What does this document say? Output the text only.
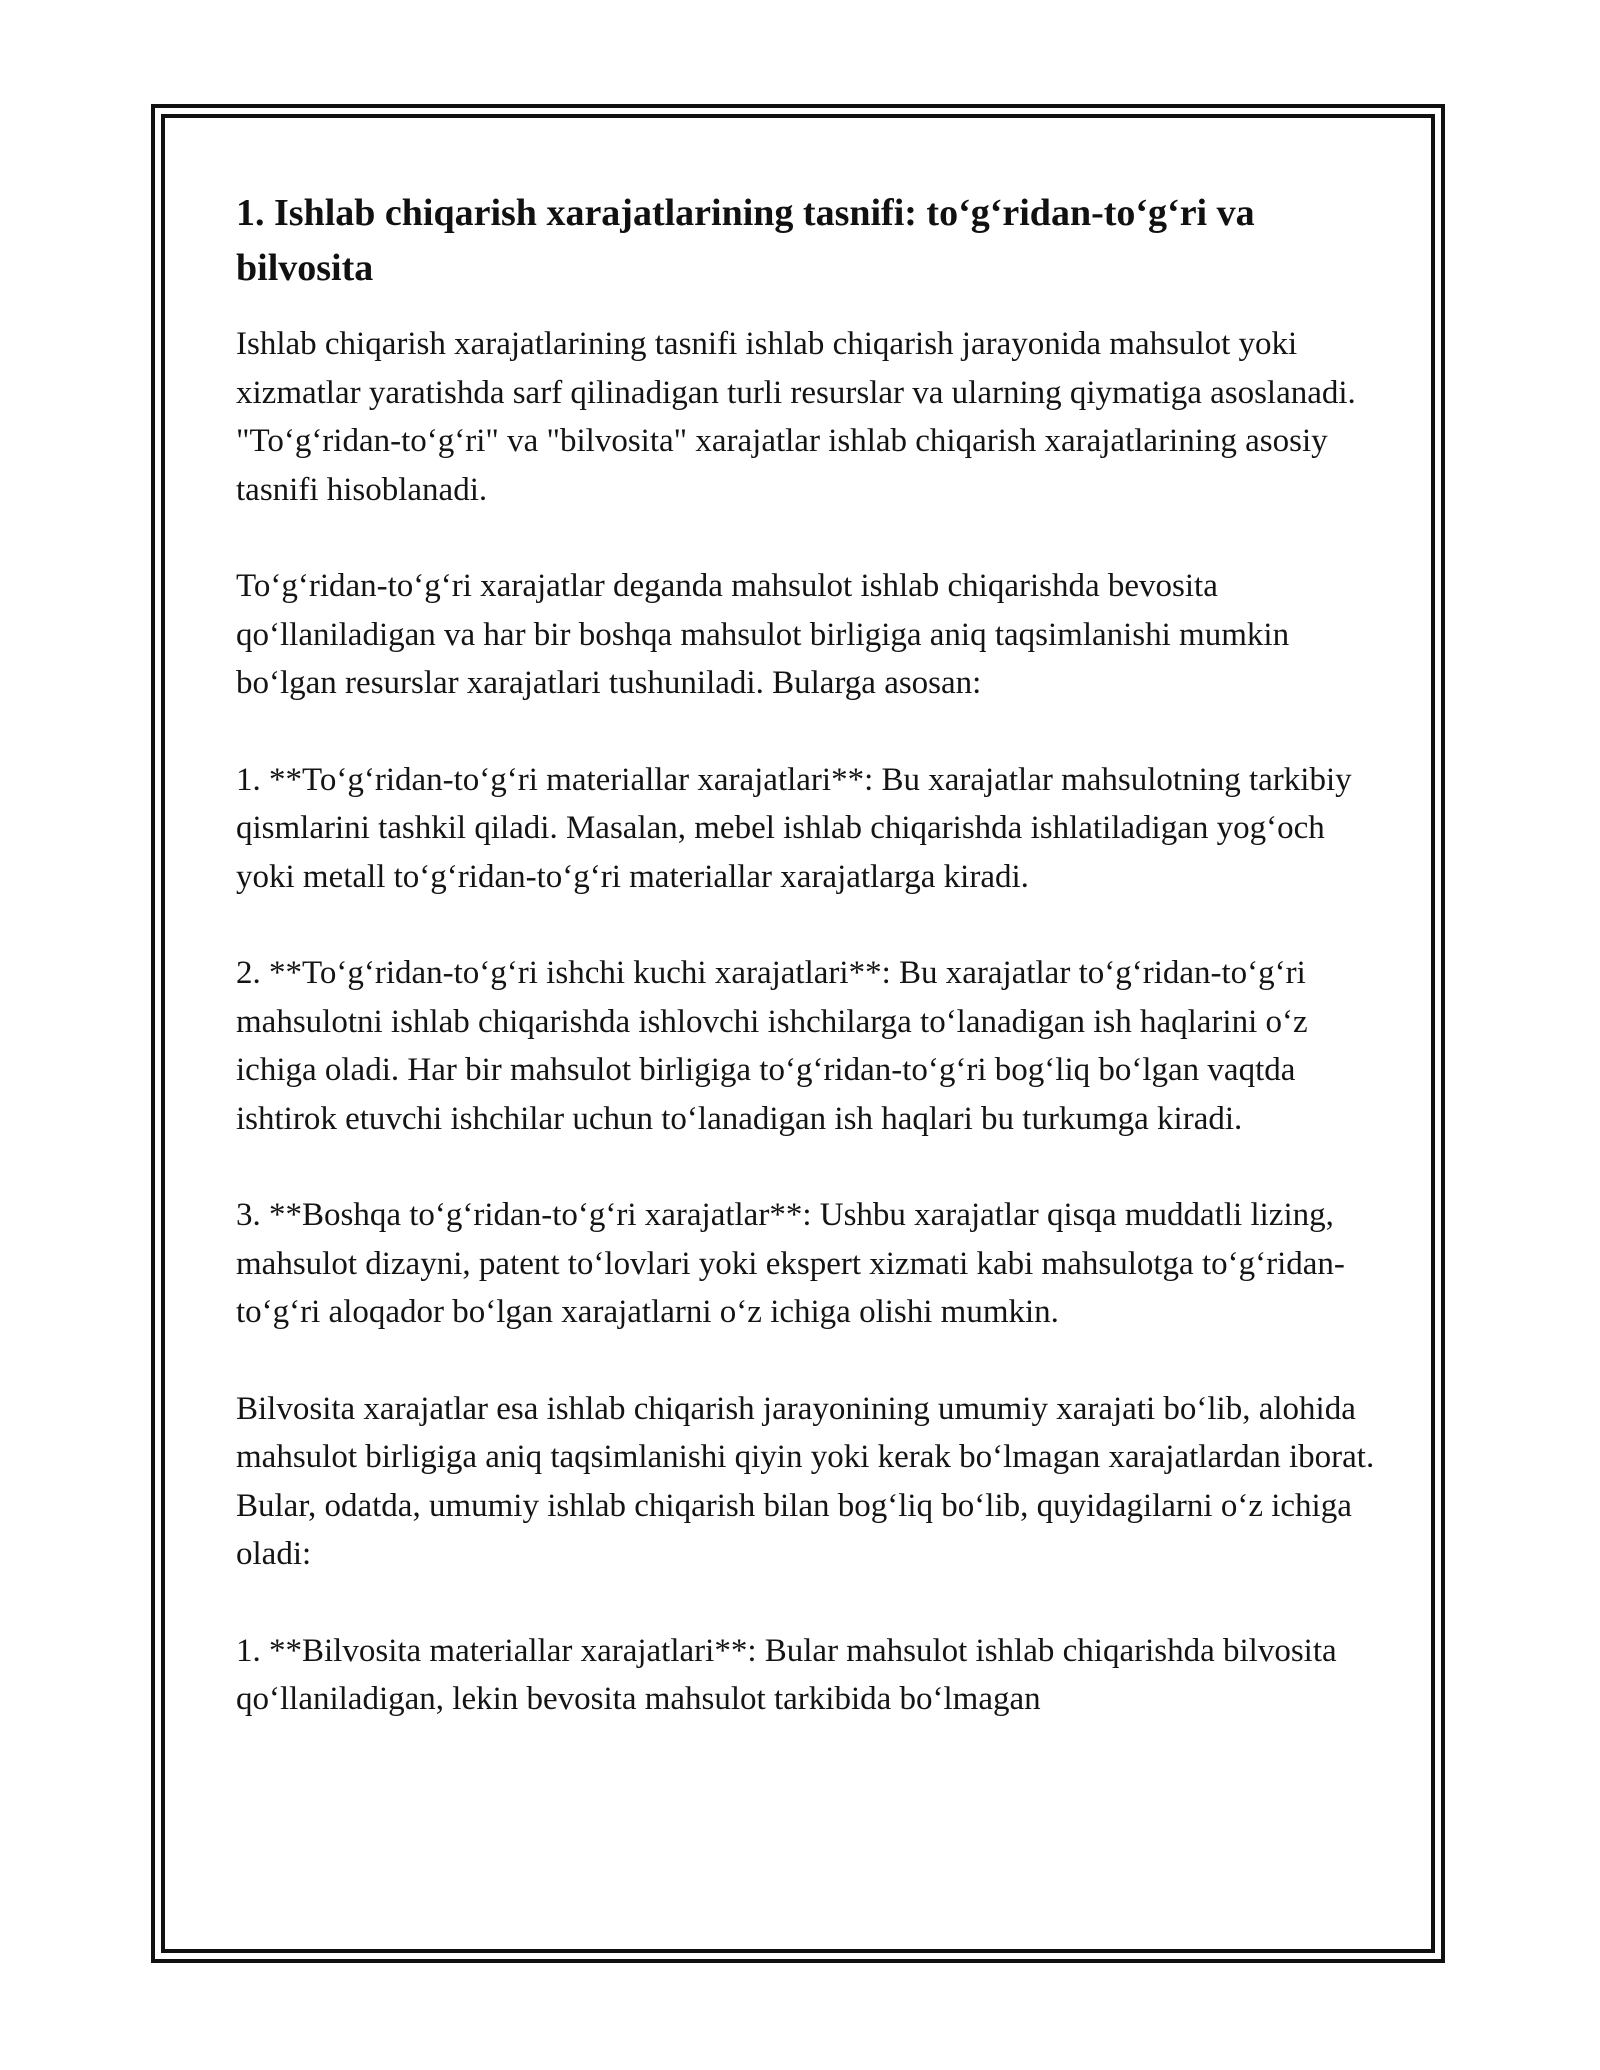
1. Ishlab chiqarish xarajatlarining tasnifi: to‘g‘ridan-to‘g‘ri va bilvosita

Ishlab chiqarish xarajatlarining tasnifi ishlab chiqarish jarayonida mahsulot yoki xizmatlar yaratishda sarf qilinadigan turli resurslar va ularning qiymatiga asoslanadi. "To‘g‘ridan-to‘g‘ri" va "bilvosita" xarajatlar ishlab chiqarish xarajatlarining asosiy tasnifi hisoblanadi.

To‘g‘ridan-to‘g‘ri xarajatlar deganda mahsulot ishlab chiqarishda bevosita qo‘llaniladigan va har bir boshqa mahsulot birligiga aniq taqsimlanishi mumkin bo‘lgan resurslar xarajatlari tushuniladi. Bularga asosan:

1. **To‘g‘ridan-to‘g‘ri materiallar xarajatlari**: Bu xarajatlar mahsulotning tarkibiy qismlarini tashkil qiladi. Masalan, mebel ishlab chiqarishda ishlatiladigan yog‘och yoki metall to‘g‘ridan-to‘g‘ri materiallar xarajatlarga kiradi.

2. **To‘g‘ridan-to‘g‘ri ishchi kuchi xarajatlari**: Bu xarajatlar to‘g‘ridan-to‘g‘ri mahsulotni ishlab chiqarishda ishlovchi ishchilarga to‘lanadigan ish haqlarini o‘z ichiga oladi. Har bir mahsulot birligiga to‘g‘ridan-to‘g‘ri bog‘liq bo‘lgan vaqtda ishtirok etuvchi ishchilar uchun to‘lanadigan ish haqlari bu turkumga kiradi.

3. **Boshqa to‘g‘ridan-to‘g‘ri xarajatlar**: Ushbu xarajatlar qisqa muddatli lizing, mahsulot dizayni, patent to‘lovlari yoki ekspert xizmati kabi mahsulotga to‘g‘ridan-to‘g‘ri aloqador bo‘lgan xarajatlarni o‘z ichiga olishi mumkin.

Bilvosita xarajatlar esa ishlab chiqarish jarayonining umumiy xarajati bo‘lib, alohida mahsulot birligiga aniq taqsimlanishi qiyin yoki kerak bo‘lmagan xarajatlardan iborat. Bular, odatda, umumiy ishlab chiqarish bilan bog‘liq bo‘lib, quyidagilarni o‘z ichiga oladi:

1. **Bilvosita materiallar xarajatlari**: Bular mahsulot ishlab chiqarishda bilvosita qo‘llaniladigan, lekin bevosita mahsulot tarkibida bo‘lmagan
